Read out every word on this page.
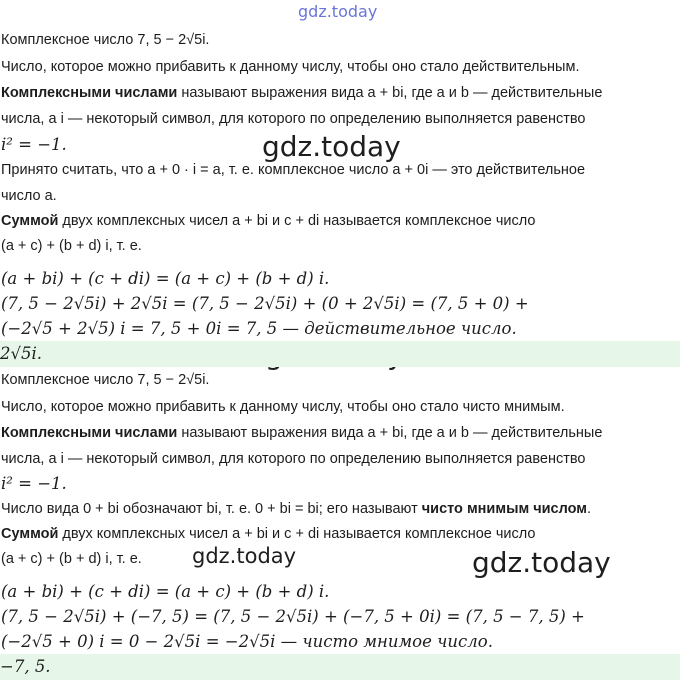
gdz.today
gdz.today
gdz.today	gdz.today
Комплексное число 7, 5 − 2√5i.
Число, которое можно прибавить к данному числу, чтобы оно стало действительным.
Комплексными числами называют выражения вида a + bi, где a и b — действительные
числа, а i — некоторый символ, для которого по определению выполняется равенство
i² = −1.
Принято считать, что a + 0 · i = a, т. е. комплексное число a + 0i — это действительное
число a.
Суммой двух комплексных чисел a + bi и c + di называется комплексное число
(a + c) + (b + d) i, т. е.
(a + bi) + (c + di) = (a + c) + (b + d) i.
(7, 5 − 2√5i) + 2√5i = (7, 5 − 2√5i) + (0 + 2√5i) = (7, 5 + 0) +
(−2√5 + 2√5) i = 7, 5 + 0i = 7, 5 — действительное число.
2√5i.
Комплексное число 7, 5 − 2√5i.
Число, которое можно прибавить к данному числу, чтобы оно стало чисто мнимым.
Комплексными числами называют выражения вида a + bi, где a и b — действительные
числа, а i — некоторый символ, для которого по определению выполняется равенство
i² = −1.
Число вида 0 + bi обозначают bi, т. е. 0 + bi = bi; его называют чисто мнимым числом.
Суммой двух комплексных чисел a + bi и c + di называется комплексное число
(a + c) + (b + d) i, т. е.
(a + bi) + (c + di) = (a + c) + (b + d) i.
(7, 5 − 2√5i) + (−7, 5) = (7, 5 − 2√5i) + (−7, 5 + 0i) = (7, 5 − 7, 5) +
(−2√5 + 0) i = 0 − 2√5i = −2√5i — чисто мнимое число.
−7, 5.
